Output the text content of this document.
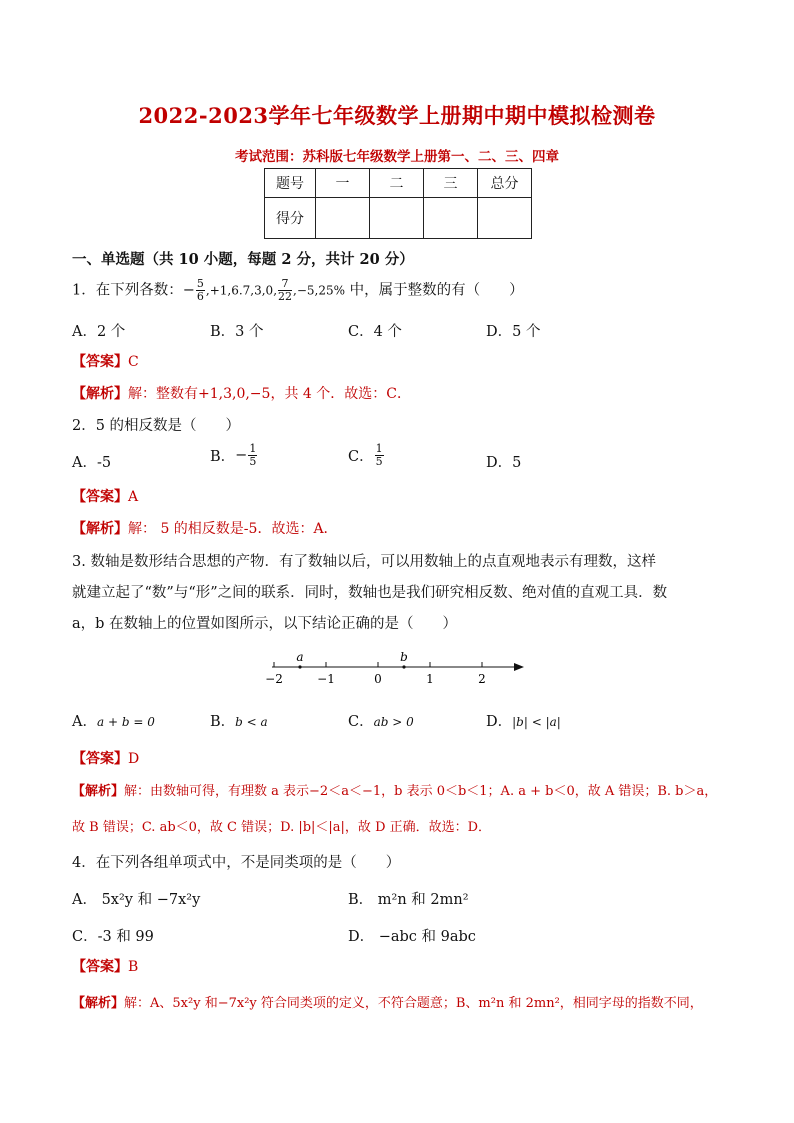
2022-2023学年七年级数学上册期中期中模拟检测卷
考试范围：苏科版七年级数学上册第一、二、三、四章
题号	一	二	三	总分
得分				
一、单选题（共 10 小题，每题 2 分，共计 20 分）
1．在下列各数：− $\frac{5}{6} ,+1,6.7,3,0$, $\frac{7}{22} ,-5,25\%$ 中，属于整数的有（　　）
A．2 个	B．3 个	C．4 个	D．5 个
【答案】C
【解析】解：整数有+1,3,0,−5，共 4 个．故选：C．
2．5 的相反数是（　　）
A．-5	B．− $\frac{1}{5}$	C． $\frac{1}{5}$	D．5
【答案】A
【解析】解： 5 的相反数是-5．故选：A．
3. 数轴是数形结合思想的产物．有了数轴以后，可以用数轴上的点直观地表示有理数，这样
就建立起了“数”与“形”之间的联系．同时，数轴也是我们研究相反数、绝对值的直观工具．数
a，b 在数轴上的位置如图所示，以下结论正确的是（　　）
−2	−1	0	1	2
a	b
A．a + b = 0	B．b < a	C．ab > 0	D．|b| < |a|
【答案】D
【解析】解：由数轴可得，有理数 a 表示−2＜a＜−1，b 表示 0＜b＜1；A. a + b＜0，故 A 错误；B. b＞a，
故 B 错误；C. ab＜0，故 C 错误；D. |b|＜|a|，故 D 正确．故选：D．
4．在下列各组单项式中，不是同类项的是（　　）
A． 5x²y 和 −7x²y	B． m²n 和 2mn²
C．-3 和 99	D． −abc 和 9abc
【答案】B
【解析】解：A、5x²y 和−7x²y 符合同类项的定义，不符合题意；B、m²n 和 2mn²，相同字母的指数不同，
